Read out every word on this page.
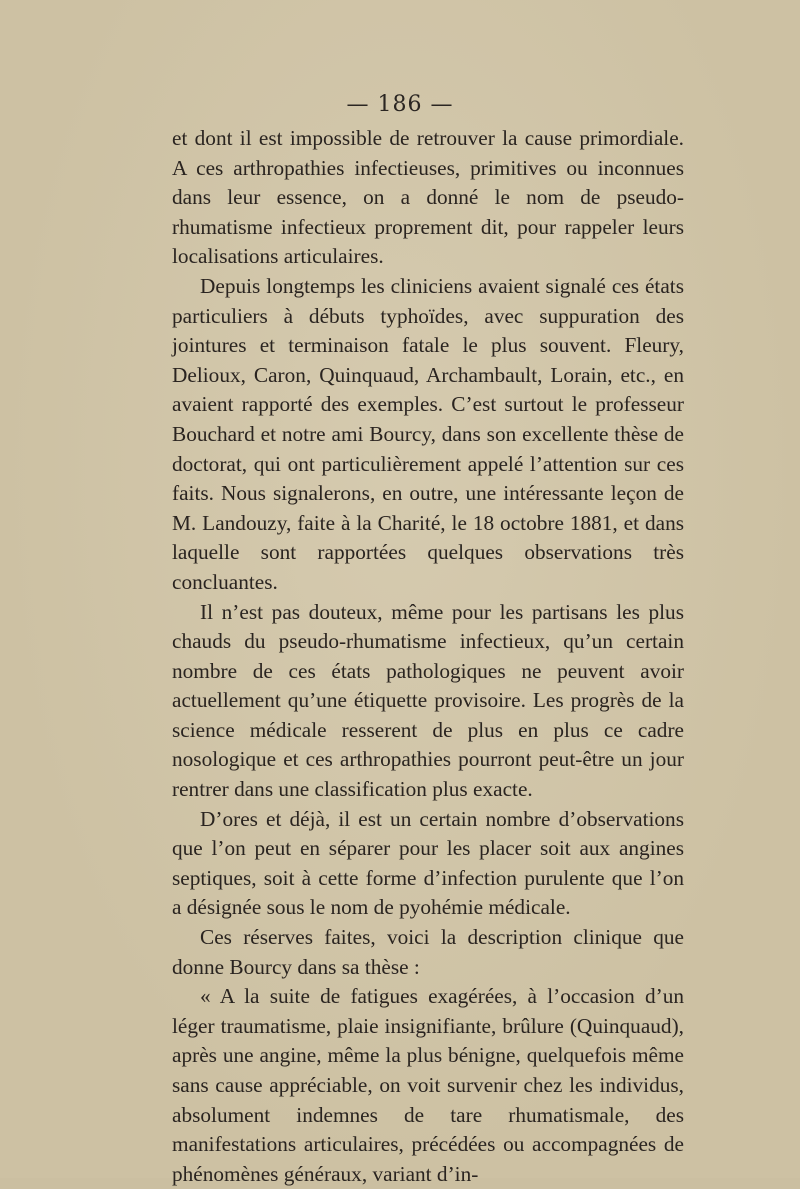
— 186 —

et dont il est impossible de retrouver la cause primordiale. A ces arthropathies infectieuses, primitives ou inconnues dans leur essence, on a donné le nom de pseudo-rhumatisme infectieux proprement dit, pour rappeler leurs localisations articulaires.

Depuis longtemps les cliniciens avaient signalé ces états particuliers à débuts typhoïdes, avec suppuration des jointures et terminaison fatale le plus souvent. Fleury, Delioux, Caron, Quinquaud, Archambault, Lorain, etc., en avaient rapporté des exemples. C’est surtout le professeur Bouchard et notre ami Bourcy, dans son excellente thèse de doctorat, qui ont particulièrement appelé l’attention sur ces faits. Nous signalerons, en outre, une intéressante leçon de M. Landouzy, faite à la Charité, le 18 octobre 1881, et dans laquelle sont rapportées quelques observations très concluantes.

Il n’est pas douteux, même pour les partisans les plus chauds du pseudo-rhumatisme infectieux, qu’un certain nombre de ces états pathologiques ne peuvent avoir actuellement qu’une étiquette provisoire. Les progrès de la science médicale resserent de plus en plus ce cadre nosologique et ces arthropathies pourront peut-être un jour rentrer dans une classification plus exacte.

D’ores et déjà, il est un certain nombre d’observations que l’on peut en séparer pour les placer soit aux angines septiques, soit à cette forme d’infection purulente que l’on a désignée sous le nom de pyohémie médicale.

Ces réserves faites, voici la description clinique que donne Bourcy dans sa thèse :

« A la suite de fatigues exagérées, à l’occasion d’un léger traumatisme, plaie insignifiante, brûlure (Quinquaud), après une angine, même la plus bénigne, quelquefois même sans cause appréciable, on voit survenir chez les individus, absolument indemnes de tare rhumatismale, des manifestations articulaires, précédées ou accompagnées de phénomènes généraux, variant d’in-
